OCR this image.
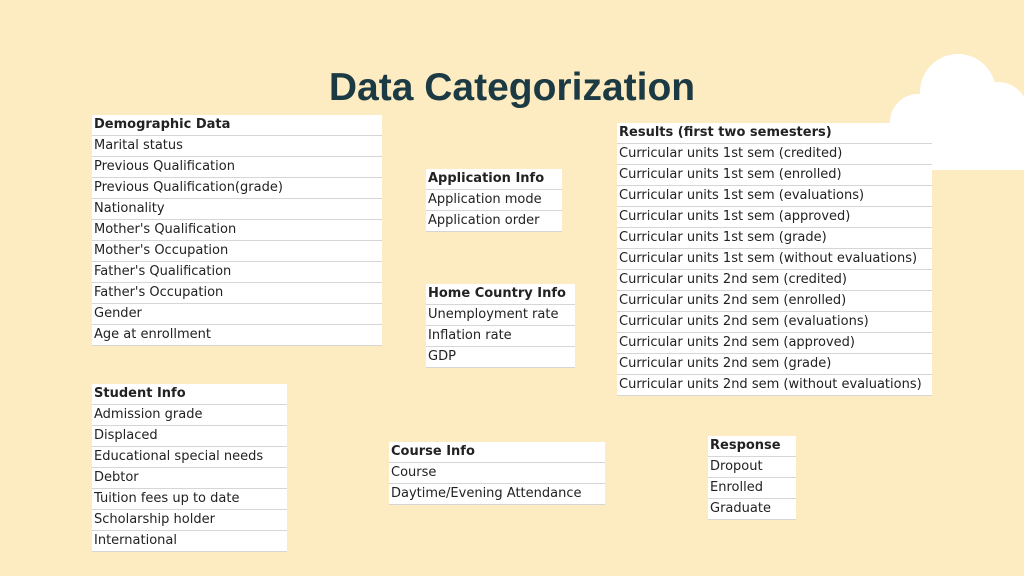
Data Categorization
Demographic Data
Marital status
Previous Qualification
Previous Qualification(grade)
Nationality
Mother's Qualification
Mother's Occupation
Father's Qualification
Father's Occupation
Gender
Age at enrollment
Student Info
Admission grade
Displaced
Educational special needs
Debtor
Tuition fees up to date
Scholarship holder
International
Application Info
Application mode
Application order
Home Country Info
Unemployment rate
Inflation rate
GDP
Course Info
Course
Daytime/Evening Attendance
Results (first two semesters)
Curricular units 1st sem (credited)
Curricular units 1st sem (enrolled)
Curricular units 1st sem (evaluations)
Curricular units 1st sem (approved)
Curricular units 1st sem (grade)
Curricular units 1st sem (without evaluations)
Curricular units 2nd sem (credited)
Curricular units 2nd sem (enrolled)
Curricular units 2nd sem (evaluations)
Curricular units 2nd sem (approved)
Curricular units 2nd sem (grade)
Curricular units 2nd sem (without evaluations)
Response
Dropout
Enrolled
Graduate
